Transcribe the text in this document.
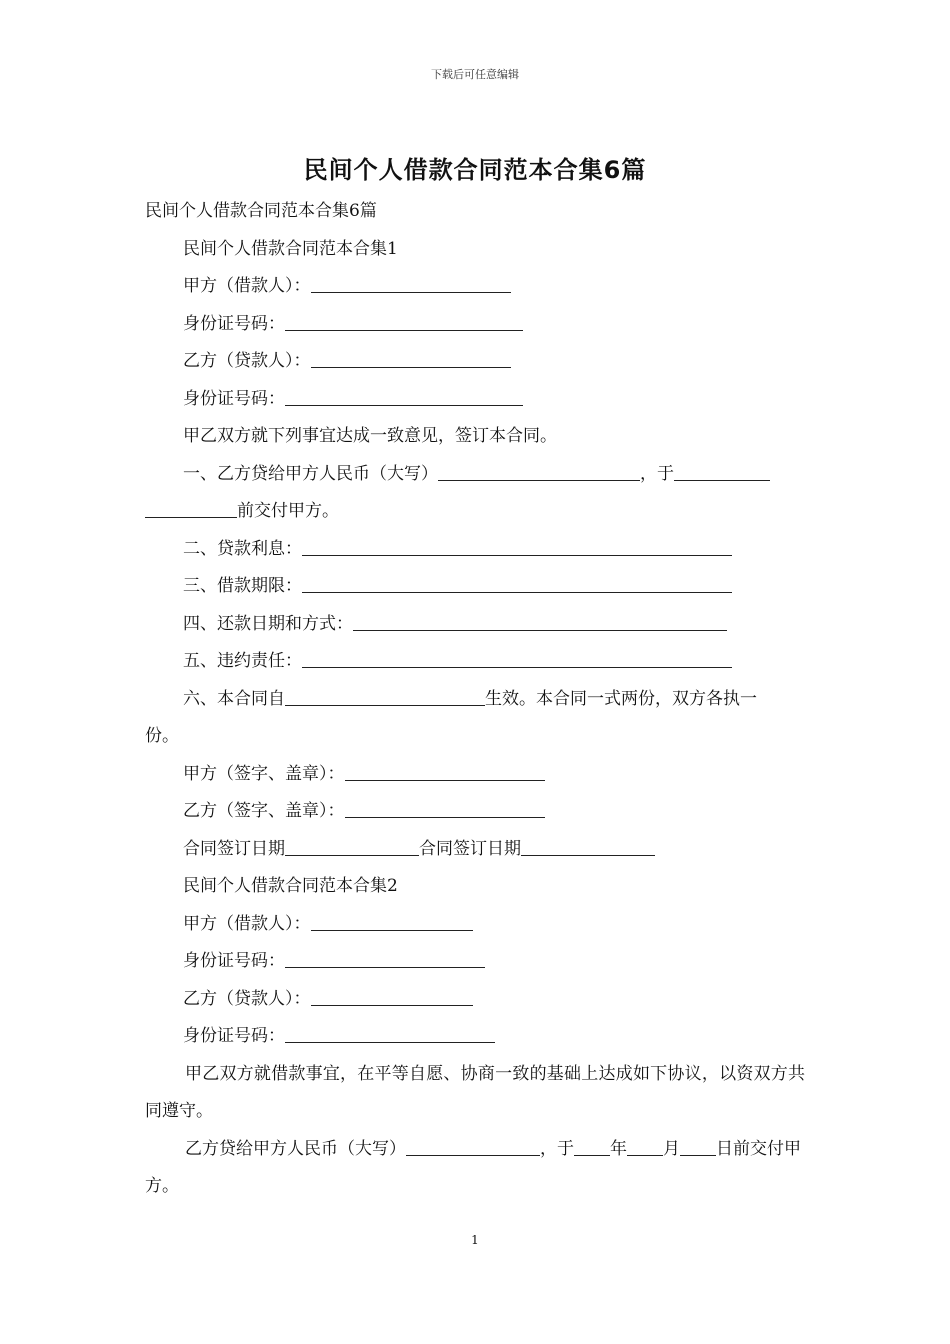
下载后可任意编辑
民间个人借款合同范本合集6篇
民间个人借款合同范本合集6篇
民间个人借款合同范本合集1
甲方（借款人）：
身份证号码：
乙方（贷款人）：
身份证号码：
甲乙双方就下列事宜达成一致意见，签订本合同。
一、乙方贷给甲方人民币（大写）	，于
前交付甲方。
二、贷款利息：
三、借款期限：
四、还款日期和方式：
五、违约责任：
六、本合同自	生效。本合同一式两份，双方各执一
份。
甲方（签字、盖章）：
乙方（签字、盖章）：
合同签订日期	合同签订日期
民间个人借款合同范本合集2
甲方（借款人）：
身份证号码：
乙方（贷款人）：
身份证号码：
甲乙双方就借款事宜，在平等自愿、协商一致的基础上达成如下协议，以资双方共同遵守。
乙方贷给甲方人民币（大写）	，于 年 月 日前交付甲方。
1
